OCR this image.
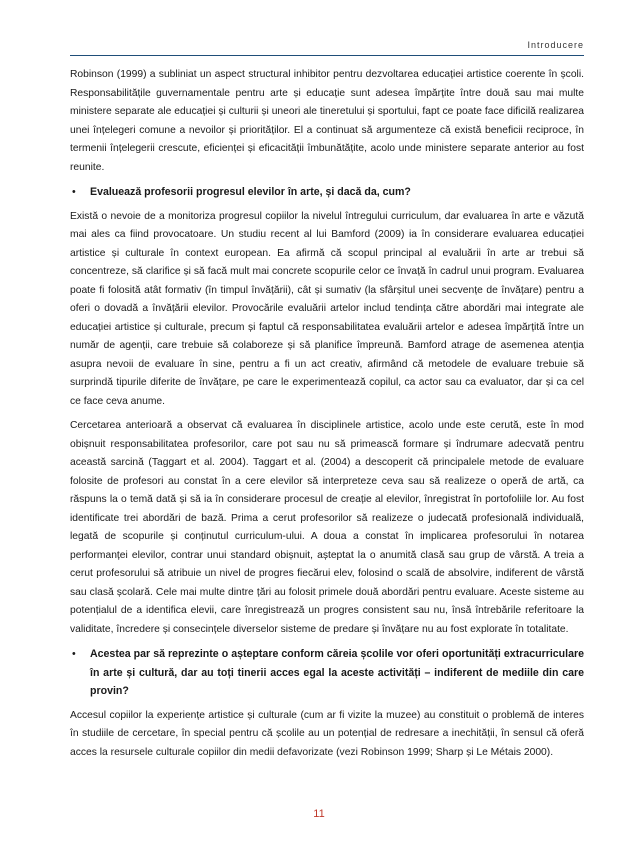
Introducere

Robinson (1999) a subliniat un aspect structural inhibitor pentru dezvoltarea educației artistice coerente în școli. Responsabilitățile guvernamentale pentru arte și educație sunt adesea împărțite între două sau mai multe ministere separate ale educației și culturii și uneori ale tineretului și sportului, fapt ce poate face dificilă realizarea unei înțelegeri comune a nevoilor și priorităților. El a continuat să argumenteze că există beneficii reciproce, în termenii înțelegerii crescute, eficienței și eficacității îmbunătățite, acolo unde ministere separate anterior au fost reunite.

• Evaluează profesorii progresul elevilor în arte, și dacă da, cum?

Există o nevoie de a monitoriza progresul copiilor la nivelul întregului curriculum, dar evaluarea în arte e văzută mai ales ca fiind provocatoare. Un studiu recent al lui Bamford (2009) ia în considerare evaluarea educației artistice și culturale în context european. Ea afirmă că scopul principal al evaluării în arte ar trebui să concentreze, să clarifice și să facă mult mai concrete scopurile celor ce învață în cadrul unui program. Evaluarea poate fi folosită atât formativ (în timpul învățării), cât și sumativ (la sfârșitul unei secvențe de învățare) pentru a oferi o dovadă a învățării elevilor. Provocările evaluării artelor includ tendința către abordări mai integrate ale educației artistice și culturale, precum și faptul că responsabilitatea evaluării artelor e adesea împărțită între un număr de agenții, care trebuie să colaboreze și să planifice împreună. Bamford atrage de asemenea atenția asupra nevoii de evaluare în sine, pentru a fi un act creativ, afirmând că metodele de evaluare trebuie să surprindă tipurile diferite de învățare, pe care le experimentează copilul, ca actor sau ca evaluator, dar și ca cel ce face ceva anume.

Cercetarea anterioară a observat că evaluarea în disciplinele artistice, acolo unde este cerută, este în mod obișnuit responsabilitatea profesorilor, care pot sau nu să primească formare și îndrumare adecvată pentru această sarcină (Taggart et al. 2004). Taggart et al. (2004) a descoperit că principalele metode de evaluare folosite de profesori au constat în a cere elevilor să interpreteze ceva sau să realizeze o operă de artă, ca răspuns la o temă dată și să ia în considerare procesul de creație al elevilor, înregistrat în portofoliile lor. Au fost identificate trei abordări de bază. Prima a cerut profesorilor să realizeze o judecată profesională individuală, legată de scopurile și conținutul curriculum-ului. A doua a constat în implicarea profesorului în notarea performanței elevilor, contrar unui standard obișnuit, așteptat la o anumită clasă sau grup de vârstă. A treia a cerut profesorului să atribuie un nivel de progres fiecărui elev, folosind o scală de absolvire, indiferent de vârstă sau clasă școlară. Cele mai multe dintre țări au folosit primele două abordări pentru evaluare. Aceste sisteme au potențialul de a identifica elevii, care înregistrează un progres consistent sau nu, însă întrebările referitoare la validitate, încredere și consecințele diverselor sisteme de predare și învățare nu au fost explorate în totalitate.

• Acestea par să reprezinte o așteptare conform căreia școlile vor oferi oportunități extracurriculare în arte și cultură, dar au toți tinerii acces egal la aceste activități – indiferent de mediile din care provin?

Accesul copiilor la experiențe artistice și culturale (cum ar fi vizite la muzee) au constituit o problemă de interes în studiile de cercetare, în special pentru că școlile au un potențial de redresare a inechității, în sensul că oferă acces la resursele culturale copiilor din medii defavorizate (vezi Robinson 1999; Sharp și Le Métais 2000).

11
